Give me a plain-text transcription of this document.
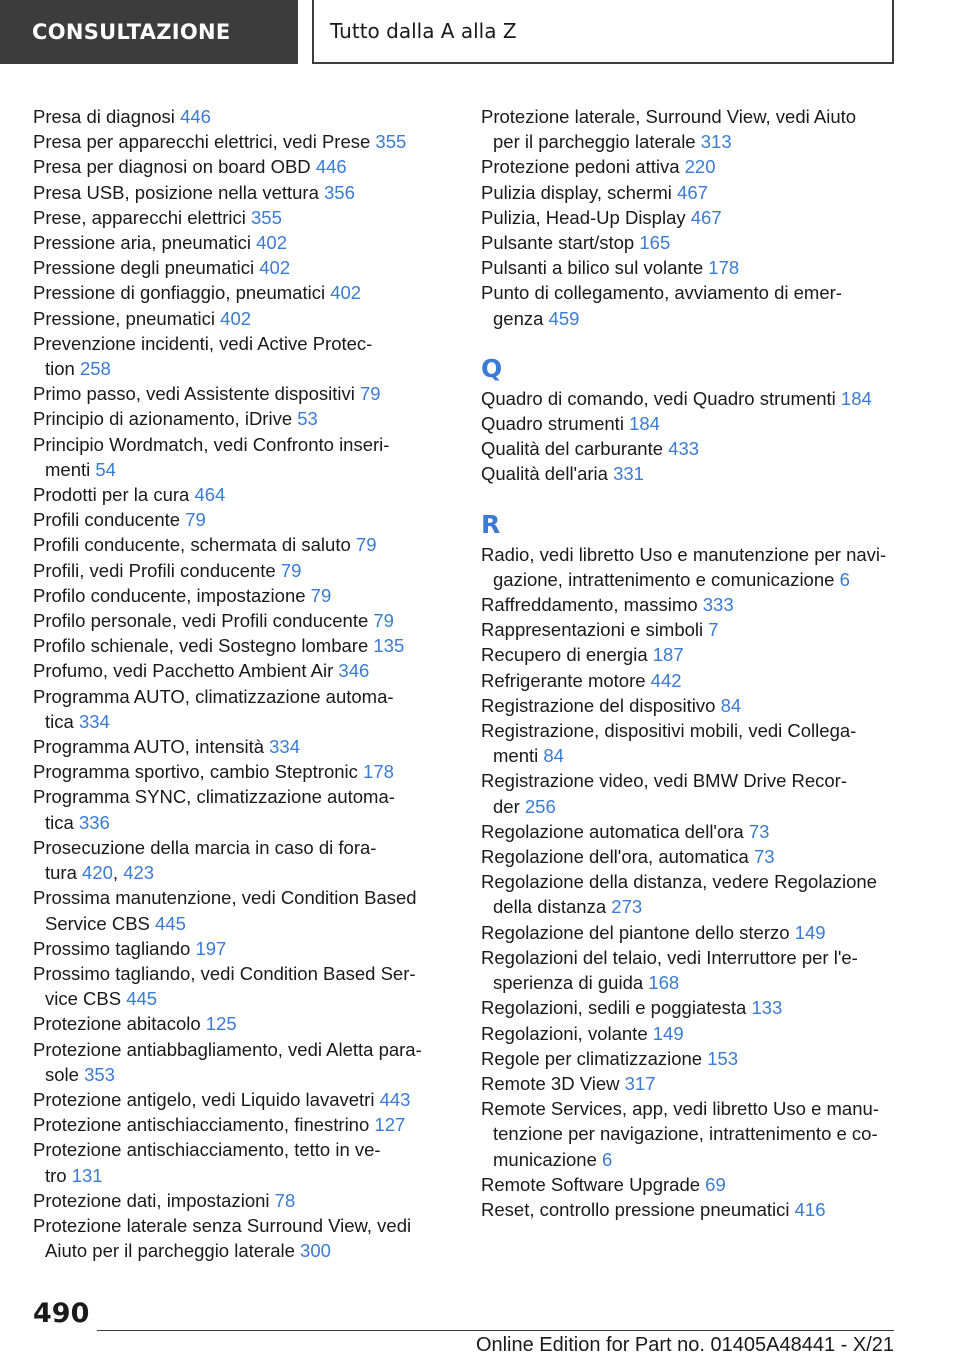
CONSULTAZIONE	Tutto dalla A alla Z
Presa di diagnosi 446
Presa per apparecchi elettrici, vedi Prese 355
Presa per diagnosi on board OBD 446
Presa USB, posizione nella vettura 356
Prese, apparecchi elettrici 355
Pressione aria, pneumatici 402
Pressione degli pneumatici 402
Pressione di gonfiaggio, pneumatici 402
Pressione, pneumatici 402
Prevenzione incidenti, vedi Active Protec-
tion 258
Primo passo, vedi Assistente dispositivi 79
Principio di azionamento, iDrive 53
Principio Wordmatch, vedi Confronto inseri-
menti 54
Prodotti per la cura 464
Profili conducente 79
Profili conducente, schermata di saluto 79
Profili, vedi Profili conducente 79
Profilo conducente, impostazione 79
Profilo personale, vedi Profili conducente 79
Profilo schienale, vedi Sostegno lombare 135
Profumo, vedi Pacchetto Ambient Air 346
Programma AUTO, climatizzazione automa-
tica 334
Programma AUTO, intensità 334
Programma sportivo, cambio Steptronic 178
Programma SYNC, climatizzazione automa-
tica 336
Prosecuzione della marcia in caso di fora-
tura 420, 423
Prossima manutenzione, vedi Condition Based
Service CBS 445
Prossimo tagliando 197
Prossimo tagliando, vedi Condition Based Ser-
vice CBS 445
Protezione abitacolo 125
Protezione antiabbagliamento, vedi Aletta para-
sole 353
Protezione antigelo, vedi Liquido lavavetri 443
Protezione antischiacciamento, finestrino 127
Protezione antischiacciamento, tetto in ve-
tro 131
Protezione dati, impostazioni 78
Protezione laterale senza Surround View, vedi
Aiuto per il parcheggio laterale 300
Protezione laterale, Surround View, vedi Aiuto
per il parcheggio laterale 313
Protezione pedoni attiva 220
Pulizia display, schermi 467
Pulizia, Head-Up Display 467
Pulsante start/stop 165
Pulsanti a bilico sul volante 178
Punto di collegamento, avviamento di emer-
genza 459
Q
Quadro di comando, vedi Quadro strumenti 184
Quadro strumenti 184
Qualità del carburante 433
Qualità dell'aria 331
R
Radio, vedi libretto Uso e manutenzione per navi-
gazione, intrattenimento e comunicazione 6
Raffreddamento, massimo 333
Rappresentazioni e simboli 7
Recupero di energia 187
Refrigerante motore 442
Registrazione del dispositivo 84
Registrazione, dispositivi mobili, vedi Collega-
menti 84
Registrazione video, vedi BMW Drive Recor-
der 256
Regolazione automatica dell'ora 73
Regolazione dell'ora, automatica 73
Regolazione della distanza, vedere Regolazione
della distanza 273
Regolazione del piantone dello sterzo 149
Regolazioni del telaio, vedi Interruttore per l'e-
sperienza di guida 168
Regolazioni, sedili e poggiatesta 133
Regolazioni, volante 149
Regole per climatizzazione 153
Remote 3D View 317
Remote Services, app, vedi libretto Uso e manu-
tenzione per navigazione, intrattenimento e co-
municazione 6
Remote Software Upgrade 69
Reset, controllo pressione pneumatici 416
490
Online Edition for Part no. 01405A48441 - X/21
